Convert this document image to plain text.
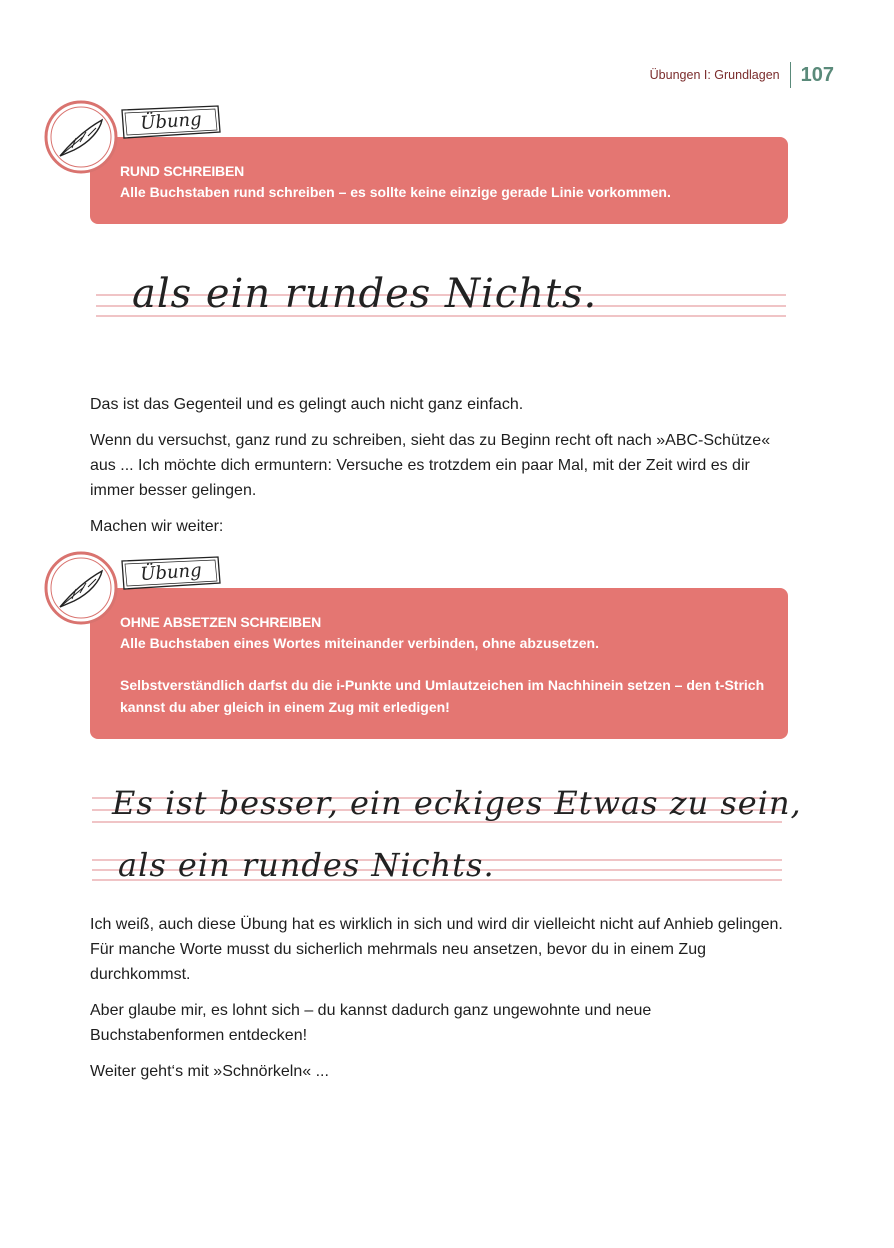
Übungen I: Grundlagen 107
RUND SCHREIBEN

Alle Buchstaben rund schreiben – es sollte keine einzige gerade Linie vorkommen.

Übung
als ein rundes Nichts.

Das ist das Gegenteil und es gelingt auch nicht ganz einfach.

Wenn du versuchst, ganz rund zu schreiben, sieht das zu Beginn recht oft nach »ABC-Schütze« aus ... Ich möchte dich ermuntern: Versuche es trotzdem ein paar Mal, mit der Zeit wird es dir immer besser gelingen.

Machen wir weiter:

OHNE ABSETZEN SCHREIBEN

Alle Buchstaben eines Wortes miteinander verbinden, ohne abzusetzen.

Selbstverständlich darfst du die i-Punkte und Umlautzeichen im Nachhinein setzen – den t-Strich kannst du aber gleich in einem Zug mit erledigen!

Übung
Es ist besser, ein eckiges Etwas zu sein,
als ein rundes Nichts.

Ich weiß, auch diese Übung hat es wirklich in sich und wird dir vielleicht nicht auf Anhieb gelingen. Für manche Worte musst du sicherlich mehrmals neu ansetzen, bevor du in einem Zug durchkommst.

Aber glaube mir, es lohnt sich – du kannst dadurch ganz ungewohnte und neue Buchstabenformen entdecken!

Weiter geht‘s mit »Schnörkeln« ...
